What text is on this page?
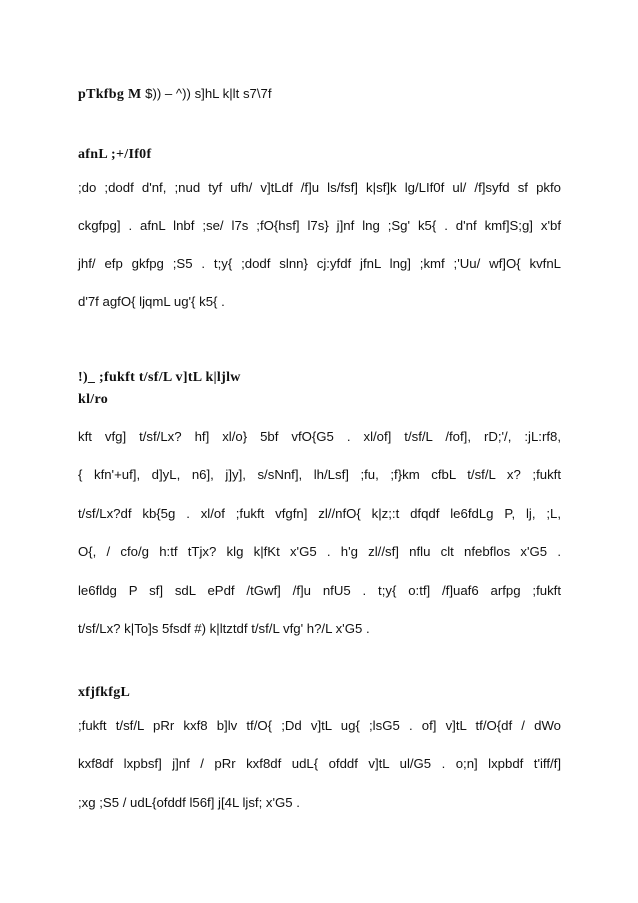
pTkfbg M $)) – ^)) s]hL k|lt s7\7f
afnL ;+/If0f
;do ;dodf d'nf, ;nud tyf ufh/ v]tLdf /f]u ls/fsf] k|sf]k lg/LIf0f ul/ /f]syfd sf pkfo
ckgfpg] . afnL lnbf ;se/ l7s ;fO{hsf] l7s} j]nf lng ;Sg' k5{ . d'nf kmf]S;g] x'bf
jhf/ efp gkfpg ;S5 . t;y{ ;dodf slnn} cj:yfdf jfnL lng] ;kmf ;'Uu/ wf]O{ kvfnL
d'7f agfO{ ljqmL ug'{ k5{ .
!)_ ;fukft t/sf/L v]tL k|ljlw
kl/ro
kft vfg] t/sf/Lx? hf] xl/o} 5bf vfO{G5 . xl/of] t/sf/L /fof], rD;'/, :jL:rf8,
{ kfn'+uf], d]yL, n6], j]y], s/sNnf], lh/Lsf] ;fu, ;f}km cfbL t/sf/L x? ;fukft
t/sf/Lx?df kb{5g . xl/of ;fukft vfgfn] zl//nfO{ k|z;:t dfqdf le6fdLg P, lj, ;L,
O{, / cfo/g h:tf tTjx? klg k|fKt x'G5 . h'g zl//sf] nflu clt nfebflos x'G5 .
le6fldg P sf] sdL ePdf /tGwf] /f]u nfU5 . t;y{ o:tf] /f]uaf6 arfpg ;fukft
t/sf/Lx? k|To]s 5fsdf #) k|ltztdf t/sf/L vfg' h?/L x'G5 .
xfjfkfgL
;fukft t/sf/L pRr kxf8 b]lv tf/O{ ;Dd v]tL ug{ ;lsG5 . of] v]tL tf/O{df / dWo
kxf8df lxpbsf] j]nf / pRr kxf8df udL{ ofddf v]tL ul/G5 . o;n] lxpbdf t'iff/f]
;xg ;S5 / udL{ofddf l56f] j[4L ljsf; x'G5 .
